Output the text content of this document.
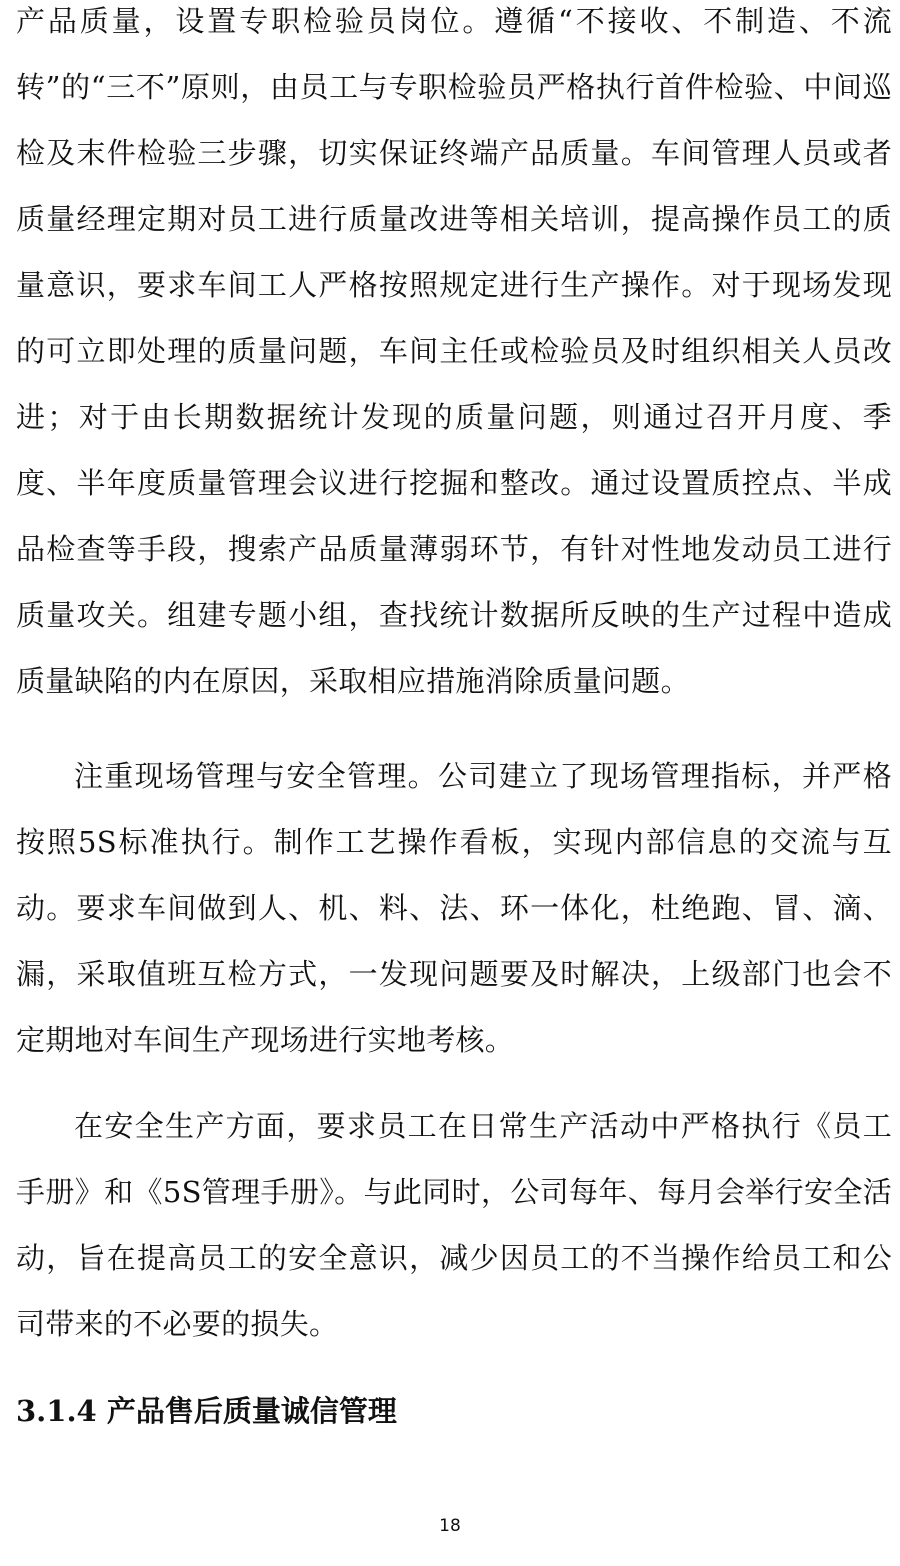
产品质量，设置专职检验员岗位。遵循“不接收、不制造、不流转”的“三不”原则，由员工与专职检验员严格执行首件检验、中间巡检及末件检验三步骤，切实保证终端产品质量。车间管理人员或者质量经理定期对员工进行质量改进等相关培训，提高操作员工的质量意识，要求车间工人严格按照规定进行生产操作。对于现场发现的可立即处理的质量问题，车间主任或检验员及时组织相关人员改进；对于由长期数据统计发现的质量问题，则通过召开月度、季度、半年度质量管理会议进行挖掘和整改。通过设置质控点、半成品检查等手段，搜索产品质量薄弱环节，有针对性地发动员工进行质量攻关。组建专题小组，查找统计数据所反映的生产过程中造成质量缺陷的内在原因，采取相应措施消除质量问题。

注重现场管理与安全管理。公司建立了现场管理指标，并严格按照5S标准执行。制作工艺操作看板，实现内部信息的交流与互动。要求车间做到人、机、料、法、环一体化，杜绝跑、冒、滴、漏，采取值班互检方式，一发现问题要及时解决，上级部门也会不定期地对车间生产现场进行实地考核。

在安全生产方面，要求员工在日常生产活动中严格执行《员工手册》和《5S管理手册》。与此同时，公司每年、每月会举行安全活动，旨在提高员工的安全意识，减少因员工的不当操作给员工和公司带来的不必要的损失。

3.1.4 产品售后质量诚信管理
18
